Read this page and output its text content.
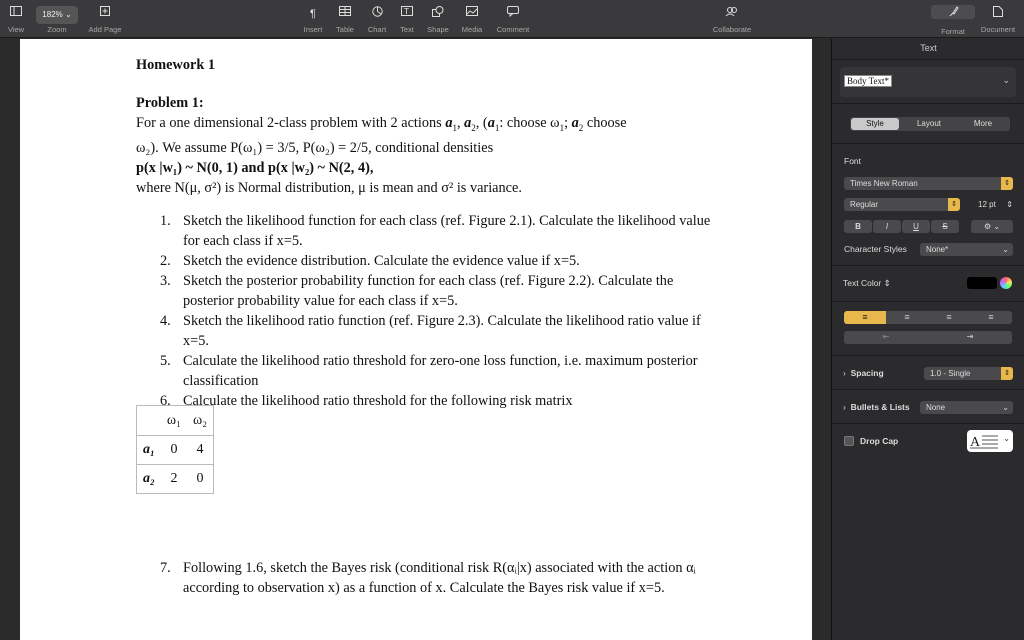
View
182% ⌄
Zoom	Add Page
¶
Insert	Table	Chart
T
Text	Shape	Media	Comment	Collaborate	Format	Document
Homework 1

Problem 1:

For a one dimensional 2-class problem with 2 actions $a_1$, $a_2$, ($a_1$: choose $\omega_1$; $a_2$ choose

ω₂). We assume P(ω₁) = 3/5, P(ω₂) = 2/5, conditional densities

p(x |w₁) ~ N(0, 1) and p(x |w₂) ~ N(2, 4),

where N(μ, σ²) is Normal distribution, μ is mean and σ² is variance.

1. Sketch the likelihood function for each class (ref. Figure 2.1). Calculate the likelihood value for each class if x=5.
2. Sketch the evidence distribution. Calculate the evidence value if x=5.
3. Sketch the posterior probability function for each class (ref. Figure 2.2). Calculate the posterior probability value for each class if x=5.
4. Sketch the likelihood ratio function (ref. Figure 2.3). Calculate the likelihood ratio value if x=5.
5. Calculate the likelihood ratio threshold for zero-one loss function, i.e. maximum posterior classification
6. Calculate the likelihood ratio threshold for the following risk matrix
	ω₁	ω₂
a₁	0	4
a₂	2	0
7. Following 1.6, sketch the Bayes risk (conditional risk R(αᵢ|x) associated with the action αᵢ according to observation x) as a function of x. Calculate the Bayes risk value if x=5.
Text
Body Text*	⌄
Style	Layout	More
Font
Times New Roman	⇕
Regular	⇕	12 pt ⇕
B	I	U	S	⚙ ⌄
Character Styles	None*	⌄
Text Color ⇕
≡	≡	≡	≡
⇤	⇥
› Spacing	1.0 - Single	⇕
› Bullets & Lists	None	⌄
Drop Cap	A	⌄
